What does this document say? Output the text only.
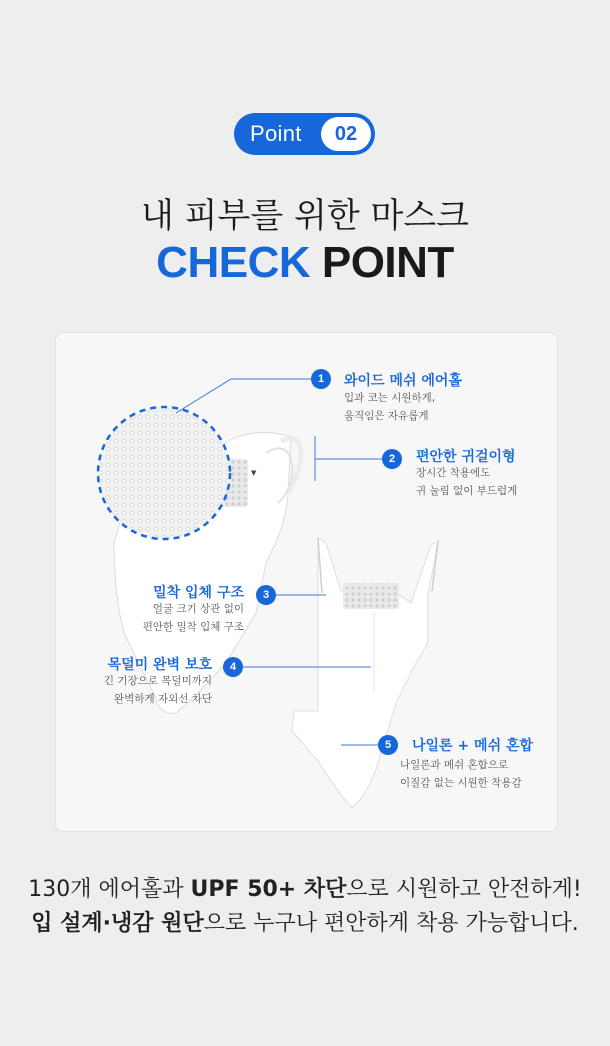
Point	02
내 피부를 위한 마스크
CHECK POINT
▼
1	와이드 메쉬 에어홀
입과 코는 시원하게,
움직임은 자유롭게
2	편안한 귀걸이형
장시간 착용에도
귀 눌림 없이 부드럽게
3
밀착 입체 구조
얼굴 크기 상관 없이
편안한 밀착 입체 구조
4
목덜미 완벽 보호
긴 기장으로 목덜미까지
완벽하게 자외선 차단
5	나일론 + 메쉬 혼합
나일론과 메쉬 혼합으로
이질감 없는 시원한 착용감
130개 에어홀과 UPF 50+ 차단으로 시원하고 안전하게!
입 설계·냉감 원단으로 누구나 편안하게 착용 가능합니다.
